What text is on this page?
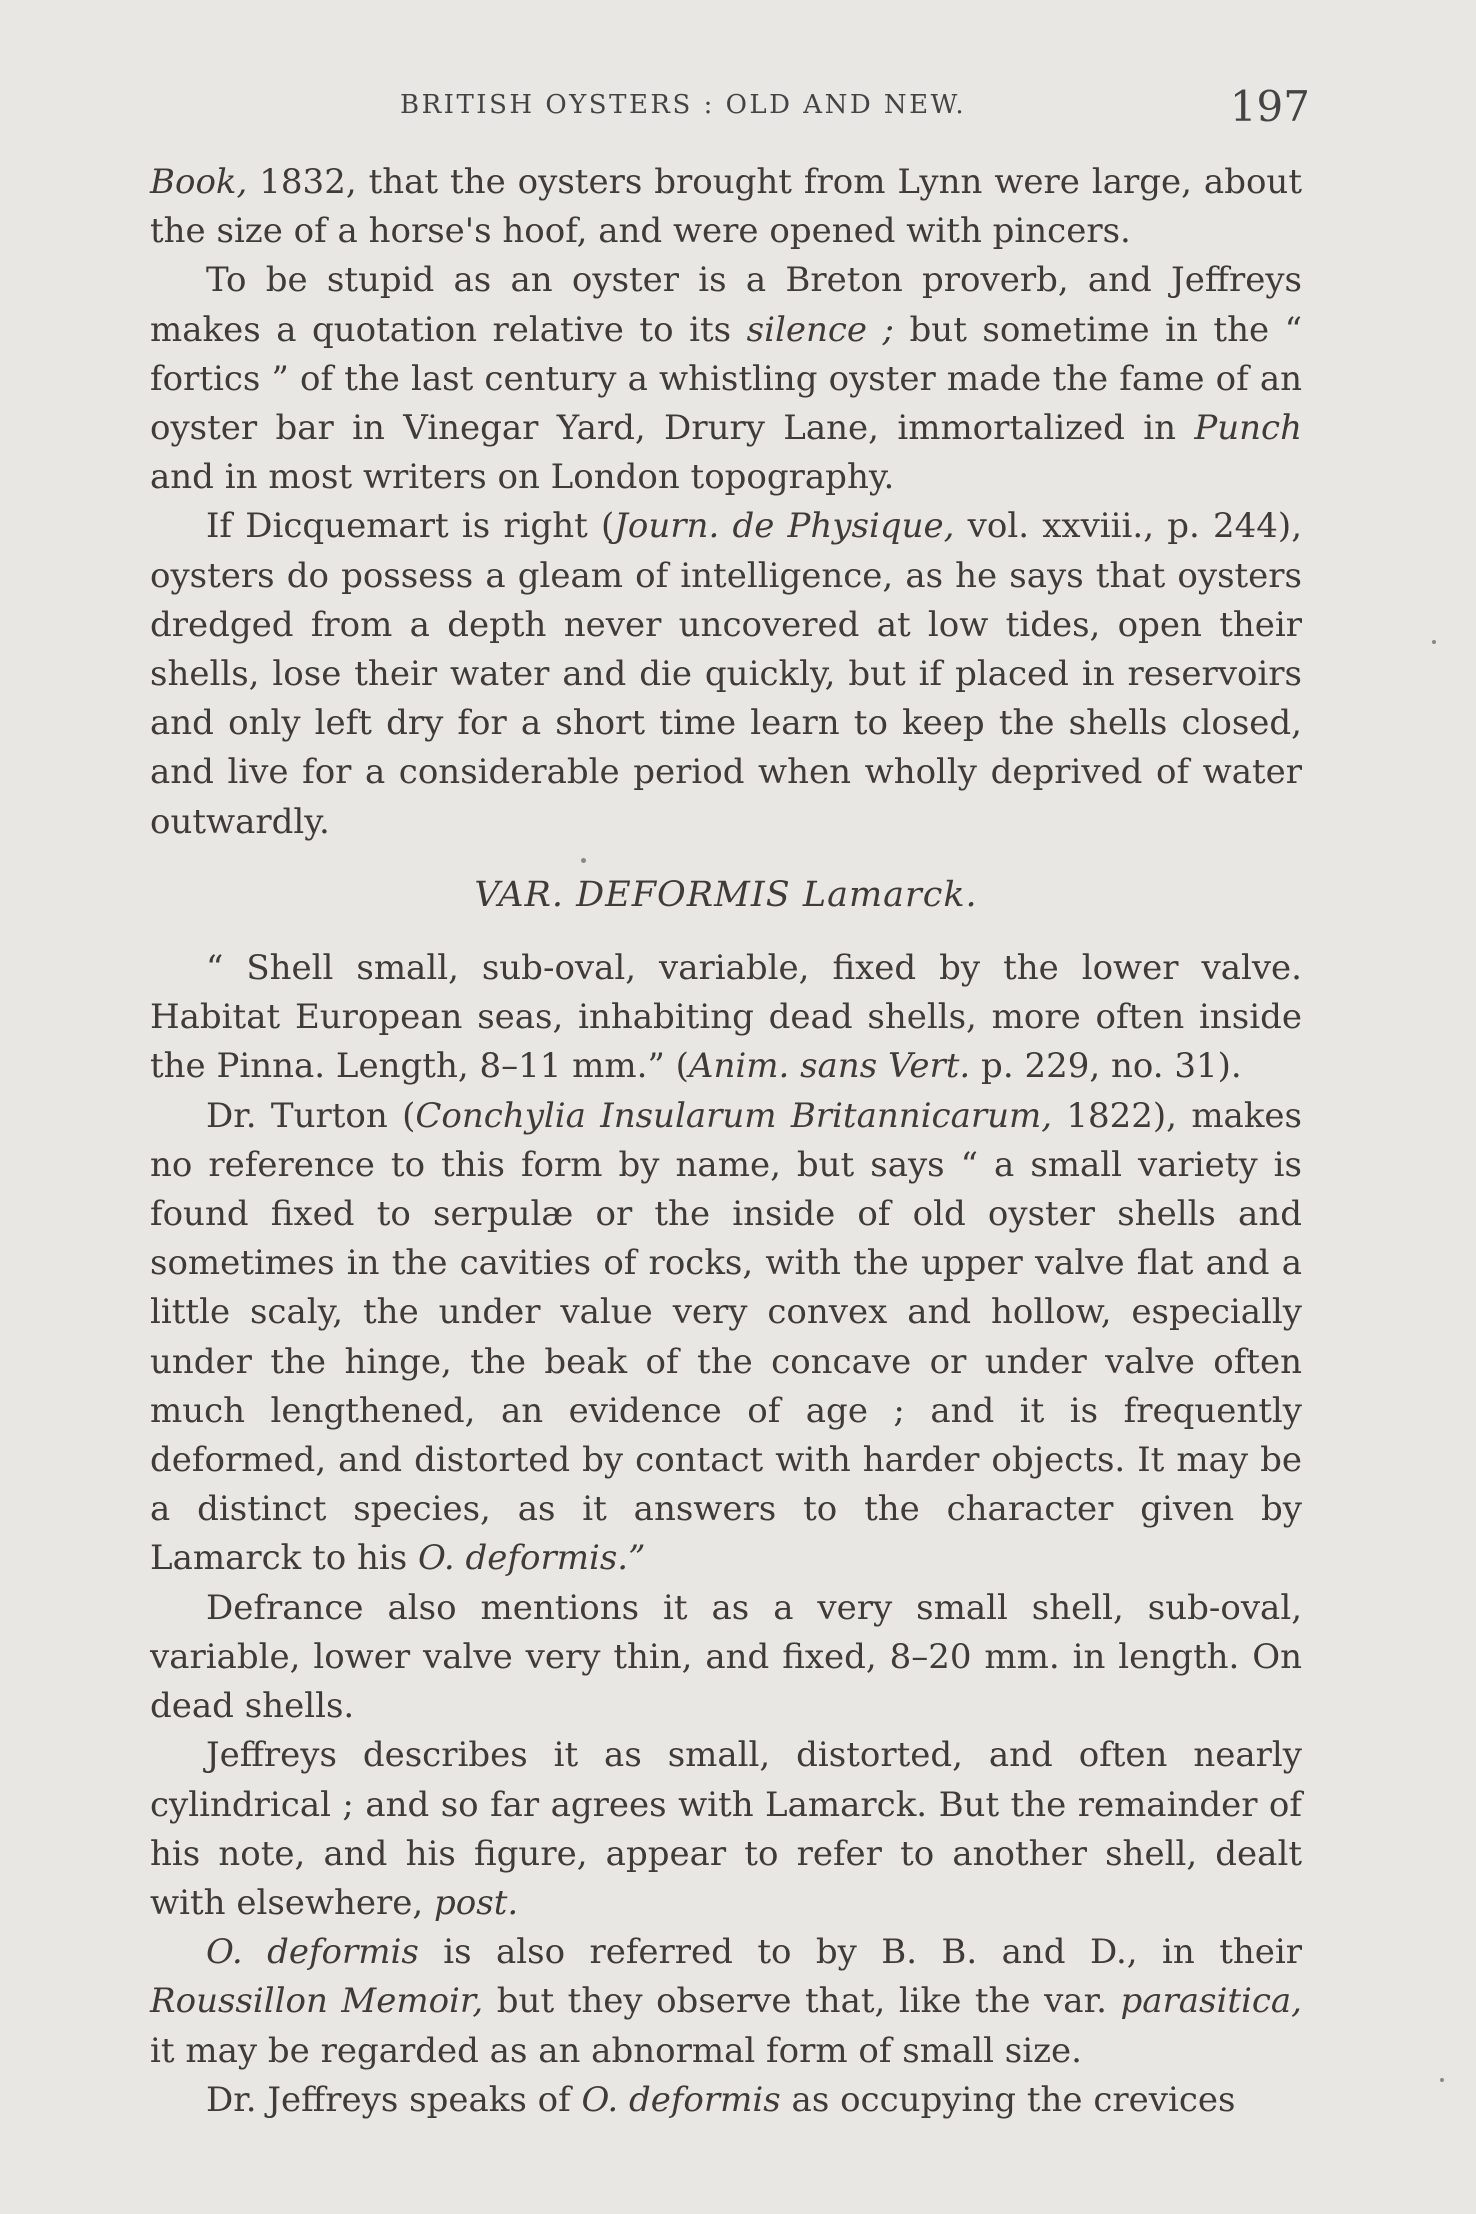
BRITISH OYSTERS : OLD AND NEW.	197

Book, 1832, that the oysters brought from Lynn were large, about the size of a horse's hoof, and were opened with pincers.

To be stupid as an oyster is a Breton proverb, and Jeffreys makes a quotation relative to its silence ; but sometime in the “ fortics ” of the last century a whistling oyster made the fame of an oyster bar in Vinegar Yard, Drury Lane, immortalized in Punch and in most writers on London topography.

If Dicquemart is right (Journ. de Physique, vol. xxviii., p. 244), oysters do possess a gleam of intelligence, as he says that oysters dredged from a depth never uncovered at low tides, open their shells, lose their water and die quickly, but if placed in reservoirs and only left dry for a short time learn to keep the shells closed, and live for a considerable period when wholly deprived of water outwardly.

VAR. DEFORMIS Lamarck.

“ Shell small, sub-oval, variable, fixed by the lower valve. Habitat European seas, inhabiting dead shells, more often inside the Pinna. Length, 8–11 mm.” (Anim. sans Vert. p. 229, no. 31).

Dr. Turton (Conchylia Insularum Britannicarum, 1822), makes no reference to this form by name, but says “ a small variety is found fixed to serpulæ or the inside of old oyster shells and sometimes in the cavities of rocks, with the upper valve flat and a little scaly, the under value very convex and hollow, especially under the hinge, the beak of the concave or under valve often much lengthened, an evidence of age ; and it is frequently deformed, and distorted by contact with harder objects. It may be a distinct species, as it answers to the character given by Lamarck to his O. deformis.”

Defrance also mentions it as a very small shell, sub-oval, variable, lower valve very thin, and fixed, 8–20 mm. in length. On dead shells.

Jeffreys describes it as small, distorted, and often nearly cylindrical ; and so far agrees with Lamarck. But the remainder of his note, and his figure, appear to refer to another shell, dealt with elsewhere, post.

O. deformis is also referred to by B. B. and D., in their Roussillon Memoir, but they observe that, like the var. parasitica, it may be regarded as an abnormal form of small size.

Dr. Jeffreys speaks of O. deformis as occupying the crevices
